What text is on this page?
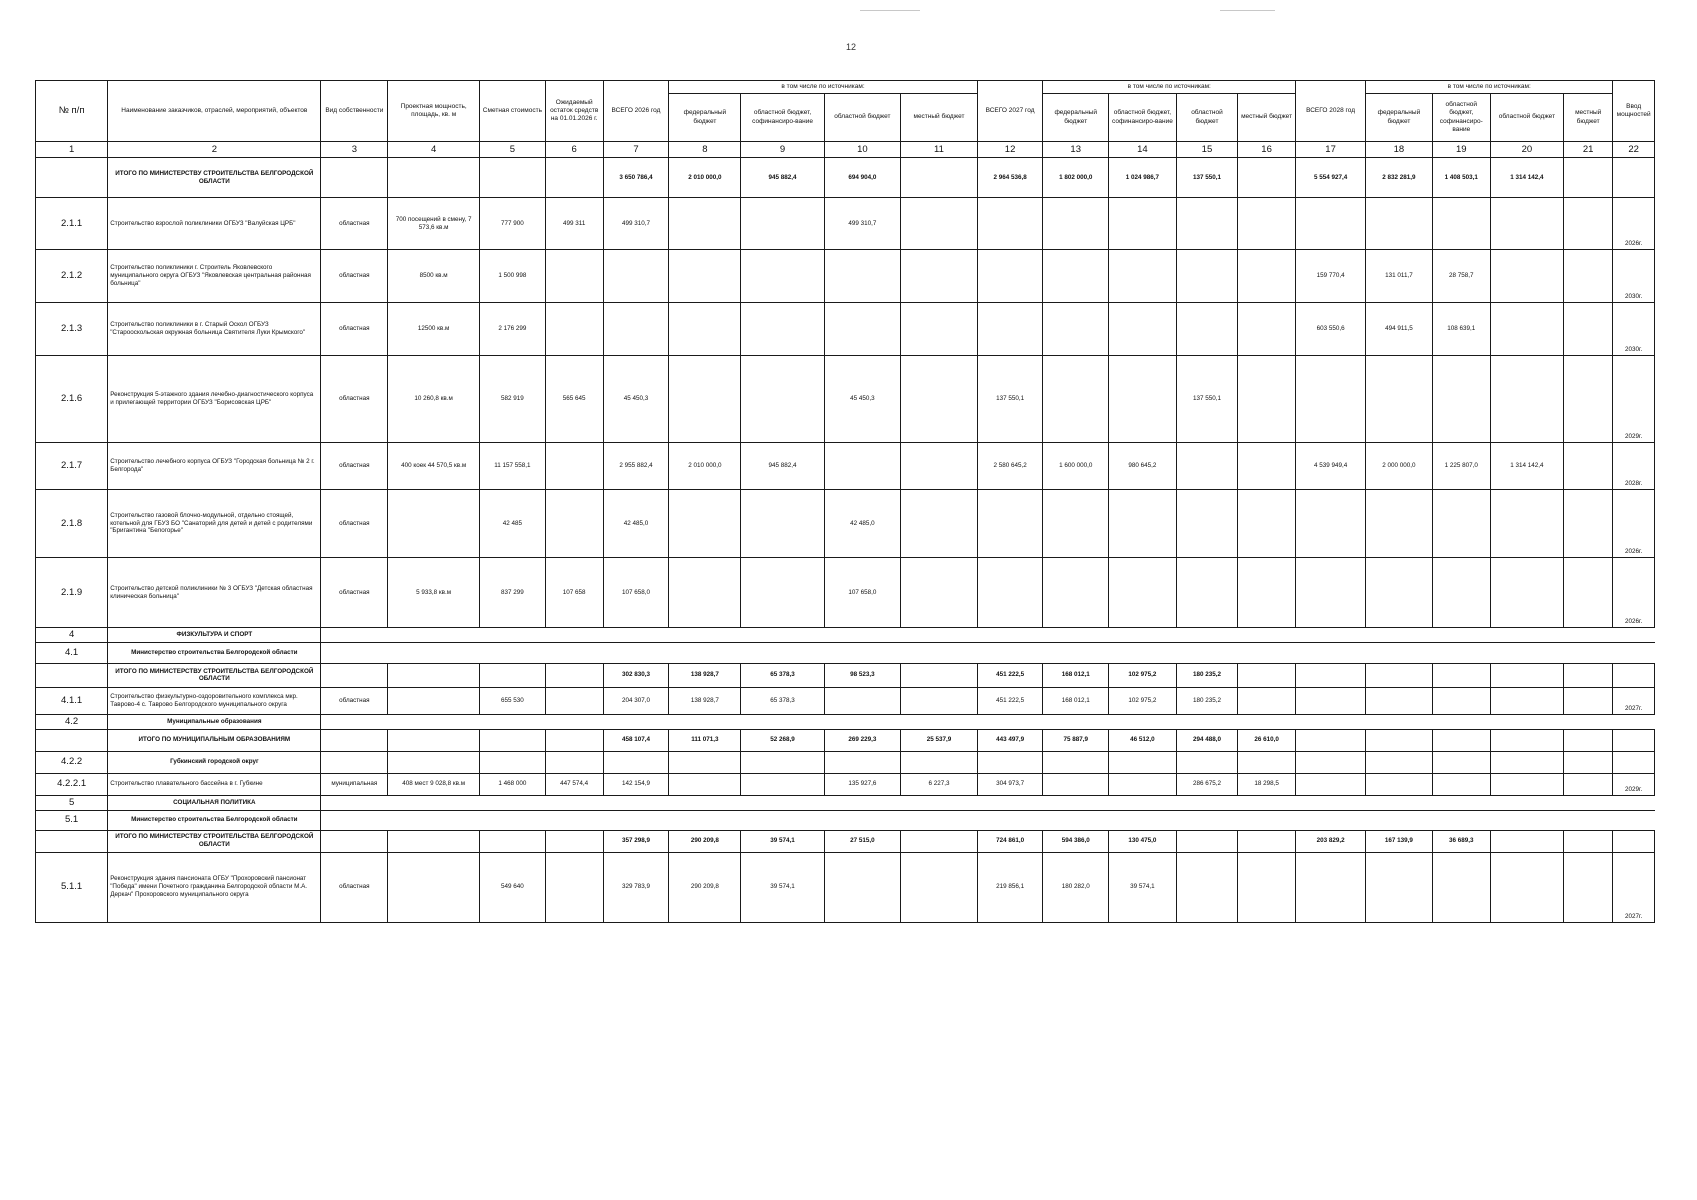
12
№ п/п	Наименование заказчиков, отраслей, мероприятий, объектов	Вид собственности	Проектная мощность, площадь, кв. м	Сметная стоимость	Ожидаемый остаток средств на 01.01.2026 г.	ВСЕГО 2026 год	в том числе по источникам:				ВСЕГО 2027 год	в том числе по источникам:				ВСЕГО 2028 год	в том числе по источникам:				Ввод мощностей
							федеральный бюджет	областной бюджет, софинансиро-вание	областной бюджет	местный бюджет		федеральный бюджет	областной бюджет, софинансиро-вание	областной бюджет	местный бюджет		федеральный бюджет	областной бюджет, софинансиро-вание	областной бюджет	местный бюджет	
1	2	3	4	5	6	7	8	9	10	11	12	13	14	15	16	17	18	19	20	21	22
	ИТОГО ПО МИНИСТЕРСТВУ СТРОИТЕЛЬСТВА БЕЛГОРОДСКОЙ ОБЛАСТИ					3 650 786,4	2 010 000,0	945 882,4	694 904,0		2 964 536,8	1 802 000,0	1 024 986,7	137 550,1		5 554 927,4	2 832 281,9	1 408 503,1	1 314 142,4		
2.1.1	Строительство взрослой поликлиники ОГБУЗ "Валуйская ЦРБ"	областная	700 посещений в смену, 7 573,6 кв.м	777 900	499 311	499 310,7			499 310,7												2026г.
2.1.2	Строительство поликлиники г. Строитель Яковлевского муниципального округа ОГБУЗ "Яковлевская центральная районная больница"	областная	8500 кв.м	1 500 998												159 770,4	131 011,7	28 758,7			2030г.
2.1.3	Строительство поликлиники в г. Старый Оскол ОГБУЗ "Старооскольская окружная больница Святителя Луки Крымского"	областная	12500 кв.м	2 176 299												603 550,6	494 911,5	108 639,1			2030г.
2.1.6	Реконструкция 5-этажного здания лечебно-диагностического корпуса и прилегающей территории ОГБУЗ "Борисовская ЦРБ"	областная	10 260,8 кв.м	582 919	565 645	45 450,3			45 450,3		137 550,1			137 550,1							2029г.
2.1.7	Строительство лечебного корпуса ОГБУЗ "Городская больница № 2 г. Белгорода"	областная	400 коек 44 570,5 кв.м	11 157 558,1		2 955 882,4	2 010 000,0	945 882,4			2 580 645,2	1 600 000,0	980 645,2			4 539 949,4	2 000 000,0	1 225 807,0	1 314 142,4		2028г.
2.1.8	Строительство газовой блочно-модульной, отдельно стоящей, котельной для ГБУЗ БО "Санаторий для детей и детей с родителями "Бригантина "Белогорье"	областная		42 485		42 485,0			42 485,0												2026г.
2.1.9	Строительство детской поликлиники № 3 ОГБУЗ "Детская областная клиническая больница"	областная	5 933,8 кв.м	837 299	107 658	107 658,0			107 658,0												2026г.
4	ФИЗКУЛЬТУРА И СПОРТ																				
4.1	Министерство строительства Белгородской области																				
	ИТОГО ПО МИНИСТЕРСТВУ СТРОИТЕЛЬСТВА БЕЛГОРОДСКОЙ ОБЛАСТИ					302 830,3	138 928,7	65 378,3	98 523,3		451 222,5	168 012,1	102 975,2	180 235,2							
4.1.1	Строительство физкультурно-оздоровительного комплекса мкр. Таврово-4 с. Таврово Белгородского муниципального округа	областная		655 530		204 307,0	138 928,7	65 378,3			451 222,5	168 012,1	102 975,2	180 235,2							2027г.
4.2	Муниципальные образования																				
	ИТОГО ПО МУНИЦИПАЛЬНЫМ ОБРАЗОВАНИЯМ					458 107,4	111 071,3	52 268,9	269 229,3	25 537,9	443 497,9	75 887,9	46 512,0	294 488,0	26 610,0						
4.2.2	Губкинский городской округ																				
4.2.2.1	Строительство плавательного бассейна в г. Губкине	муниципальная	408 мест 9 028,8 кв.м	1 468 000	447 574,4	142 154,9			135 927,6	6 227,3	304 973,7			286 675,2	18 298,5						2029г.
5	СОЦИАЛЬНАЯ ПОЛИТИКА																				
5.1	Министерство строительства Белгородской области																				
	ИТОГО ПО МИНИСТЕРСТВУ СТРОИТЕЛЬСТВА БЕЛГОРОДСКОЙ ОБЛАСТИ					357 298,9	290 209,8	39 574,1	27 515,0		724 861,0	594 386,0	130 475,0			203 829,2	167 139,9	36 689,3			
5.1.1	Реконструкция здания пансионата ОГБУ "Прохоровский пансионат "Победа" имени Почетного гражданина Белгородской области М.А. Деркач" Прохоровского муниципального округа	областная		549 640		329 783,9	290 209,8	39 574,1			219 856,1	180 282,0	39 574,1								2027г.
